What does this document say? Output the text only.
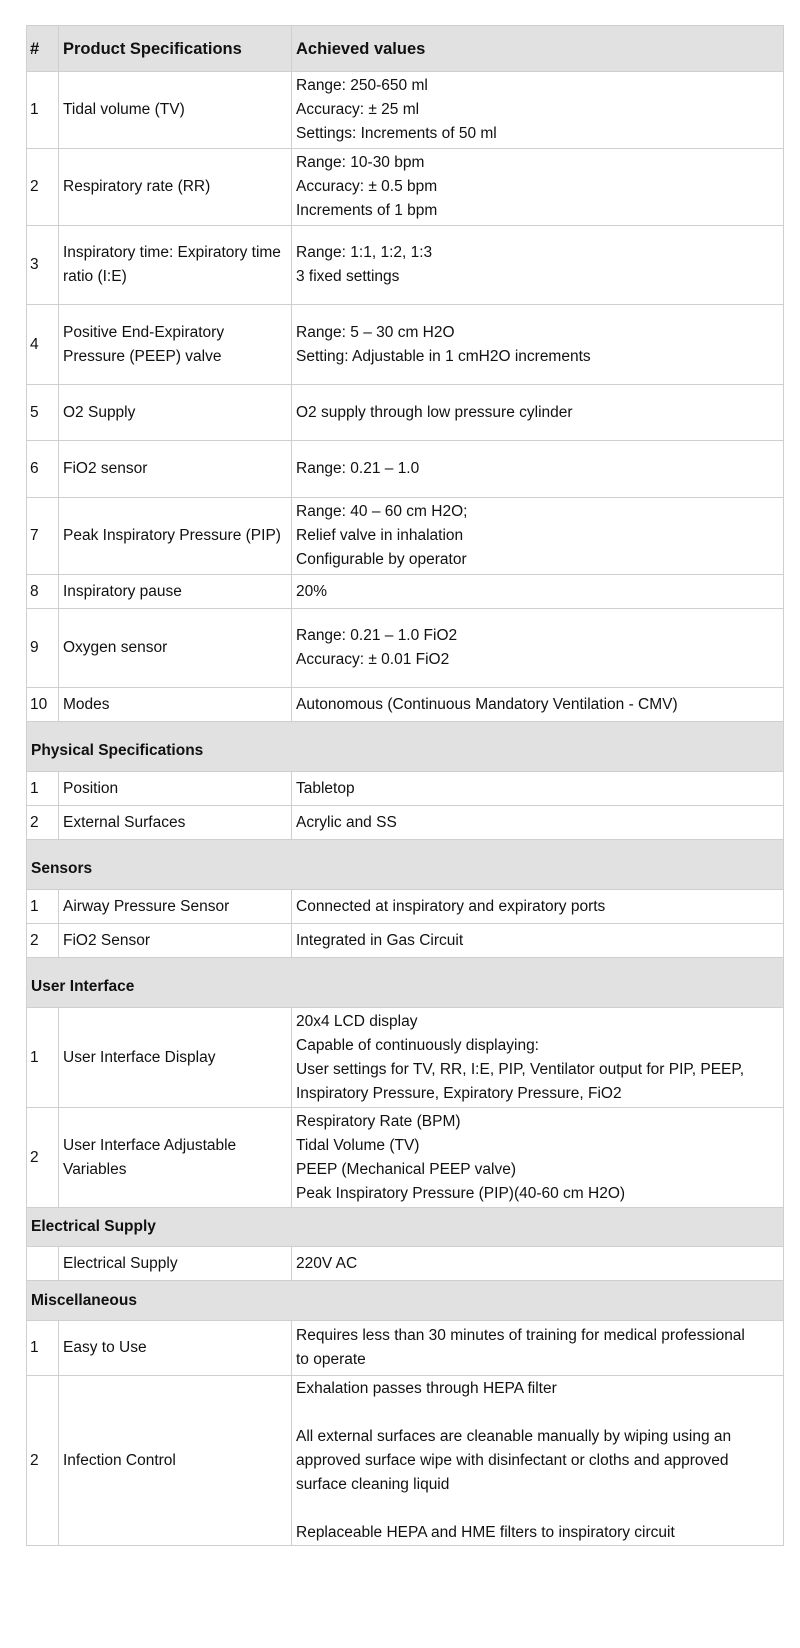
#	Product Specifications	Achieved values
1	Tidal volume (TV)	Range: 250-650 ml
Accuracy: ± 25 ml
Settings: Increments of 50 ml

2	Respiratory rate (RR)	Range: 10-30 bpm
Accuracy: ± 0.5 bpm
Increments of 1 bpm

3	Inspiratory time: Expiratory time ratio (I:E)	Range: 1:1, 1:2, 1:3
3 fixed settings

4	Positive End-Expiratory Pressure (PEEP) valve	Range: 5 – 30 cm H2O
Setting: Adjustable in 1 cmH2O increments

5	O2 Supply	O2 supply through low pressure cylinder

6	FiO2 sensor	Range: 0.21 – 1.0

7	Peak Inspiratory Pressure (PIP)	Range: 40 – 60 cm H2O;
Relief valve in inhalation
Configurable by operator

8	Inspiratory pause	20%

9	Oxygen sensor	Range: 0.21 – 1.0 FiO2
Accuracy: ± 0.01 FiO2

10	Modes	Autonomous (Continuous Mandatory Ventilation - CMV)

Physical Specifications		
1	Position	Tabletop

2	External Surfaces	Acrylic and SS

Sensors		
1	Airway Pressure Sensor	Connected at inspiratory and expiratory ports

2	FiO2 Sensor	Integrated in Gas Circuit

User Interface		
1	User Interface Display	20x4 LCD display
Capable of continuously displaying:
User settings for TV, RR, I:E, PIP, Ventilator output for PIP, PEEP,
Inspiratory Pressure, Expiratory Pressure, FiO2

2	User Interface Adjustable Variables	Respiratory Rate (BPM)
Tidal Volume (TV)
PEEP (Mechanical PEEP valve)
Peak Inspiratory Pressure (PIP)(40-60 cm H2O)

Electrical Supply		
	Electrical Supply	220V AC

Miscellaneous		
1	Easy to Use	Requires less than 30 minutes of training for medical professional
to operate

2	Infection Control	Exhalation passes through HEPA filter
All external surfaces are cleanable manually by wiping using an
approved surface wipe with disinfectant or cloths and approved
surface cleaning liquid
Replaceable HEPA and HME filters to inspiratory circuit
